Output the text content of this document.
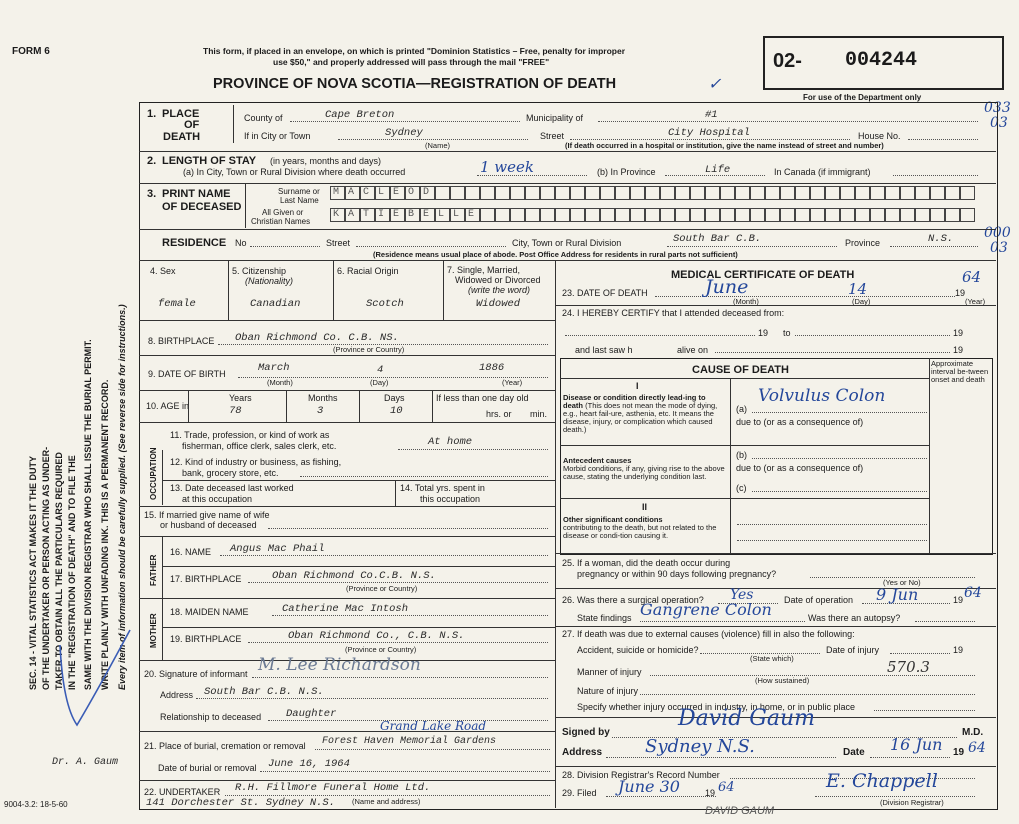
FORM 6	This form, if placed in an envelope, on which is printed "Dominion Statistics – Free, penalty for improper
use $50," and properly addressed will pass through the mail "FREE"
PROVINCE OF NOVA SCOTIA—REGISTRATION OF DEATH	✓
02- 004244
For use of the Department only
033
03
000
03
SEC. 14 - VITAL STATISTICS ACT MAKES IT THE DUTY OF THE UNDERTAKER OR PERSON ACTING AS UNDER- TAKER TO OBTAIN ALL THE PARTICULARS REQUIRED IN THE "REGISTRATION OF DEATH" AND TO FILE THE SAME WITH THE DIVISION REGISTRAR WHO SHALL ISSUE THE BURIAL PERMIT. WRITE PLAINLY WITH UNFADING INK. THIS IS A PERMANENT RECORD. Every item of information should be carefully supplied. (See reverse side for instructions.)
1. PLACE
OF
DEATH
County of	Cape Breton	Municipality of	#1
If in City or Town	Sydney
(Name)
Street	City Hospital	House No.
(If death occurred in a hospital or institution, give the name instead of street and number)
2. LENGTH OF STAY (in years, months and days)
(a) In City, Town or Rural Division where death occurred	1 week	(b) In Province	Life	In Canada (if immigrant)
3. PRINT NAME
OF DECEASED
Surname or
Last Name
All Given or
Christian Names
M A C L E O D
K A T I E B E L L E
RESIDENCE No	Street	City, Town or Rural Division	South Bar C.B.	Province	N.S.
(Residence means usual place of abode. Post Office Address for residents in rural parts not sufficient)
4. Sex	5. Citizenship
(Nationality)
6. Racial Origin	7. Single, Married,
Widowed or Divorced
(write the word)
female	Canadian	Scotch	Widowed
8. BIRTHPLACE Oban Richmond Co. C.B. NS.
(Province or Country)
9. DATE OF BIRTH	March	4	1886
(Month)	(Day)	(Year)
10. AGE in
Years	Months	Days	If less than one day old
78	3	10	hrs. or min.
OCCUPATION
11. Trade, profession, or kind of work as
fisherman, office clerk, sales clerk, etc.	At home
12. Kind of industry or business, as fishing,
bank, grocery store, etc.
13. Date deceased last worked
at this occupation
14. Total yrs. spent in
this occupation
15. If married give name of wife
or husband of deceased
FATHER
16. NAME Angus Mac Phail
17. BIRTHPLACE	Oban Richmond Co.C.B. N.S.
(Province or Country)
MOTHER
18. MAIDEN NAME	Catherine Mac Intosh
19. BIRTHPLACE	Oban Richmond Co., C.B. N.S.
(Province or Country)
20. Signature of informant M. Lee Richardson
Address South Bar C.B. N.S.
Relationship to deceased Daughter
Grand Lake Road
21. Place of burial, cremation or removal Forest Haven Memorial Gardens
Date of burial or removal June 16, 1964
22. UNDERTAKER R.H. Fillmore Funeral Home Ltd.
141 Dorchester St. Sydney N.S. (Name and address)
Dr. A. Gaum
9004-3.2: 18-5-60
MEDICAL CERTIFICATE OF DEATH
23. DATE OF DEATH	June	14	19
64
(Month)	(Day)	(Year)
24. I HEREBY CERTIFY that I attended deceased from:
19 to	19
and last saw h	alive on	19
CAUSE OF DEATH
Approximate interval be-tween onset and death
I
Disease or condition directly lead-ing to death (This does not mean the mode of dying, e.g., heart fail-ure, asthenia, etc. It means the disease, injury, or complication which caused death.)
(a)
Volvulus Colon
due to (or as a consequence of)
Antecedent causes
Morbid conditions, if any, giving rise to the above cause, stating the underlying condition last.
(b)
due to (or as a consequence of)
(c)
II
Other significant conditions
contributing to the death, but not related to the disease or condi-tion causing it.
25. If a woman, did the death occur during
pregnancy or within 90 days following pregnancy?
(Yes or No)
26. Was there a surgical operation? Yes	Date of operation 9 Jun	19 64
State findings Gangrene Colon	Was there an autopsy?
27. If death was due to external causes (violence) fill in also the following:
Accident, suicide or homicide?
(State which)
Date of injury	19
Manner of injury	570.3
(How sustained)
Nature of injury
Specify whether injury occurred in industry, in home, or in public place
Signed by
David Gaum
M.D.
Address Sydney N.S.	Date 16 Jun 19 64
28. Division Registrar's Record Number
29. Filed June 30	19 64	E. Chappell
(Division Registrar)
DAVID GAUM
